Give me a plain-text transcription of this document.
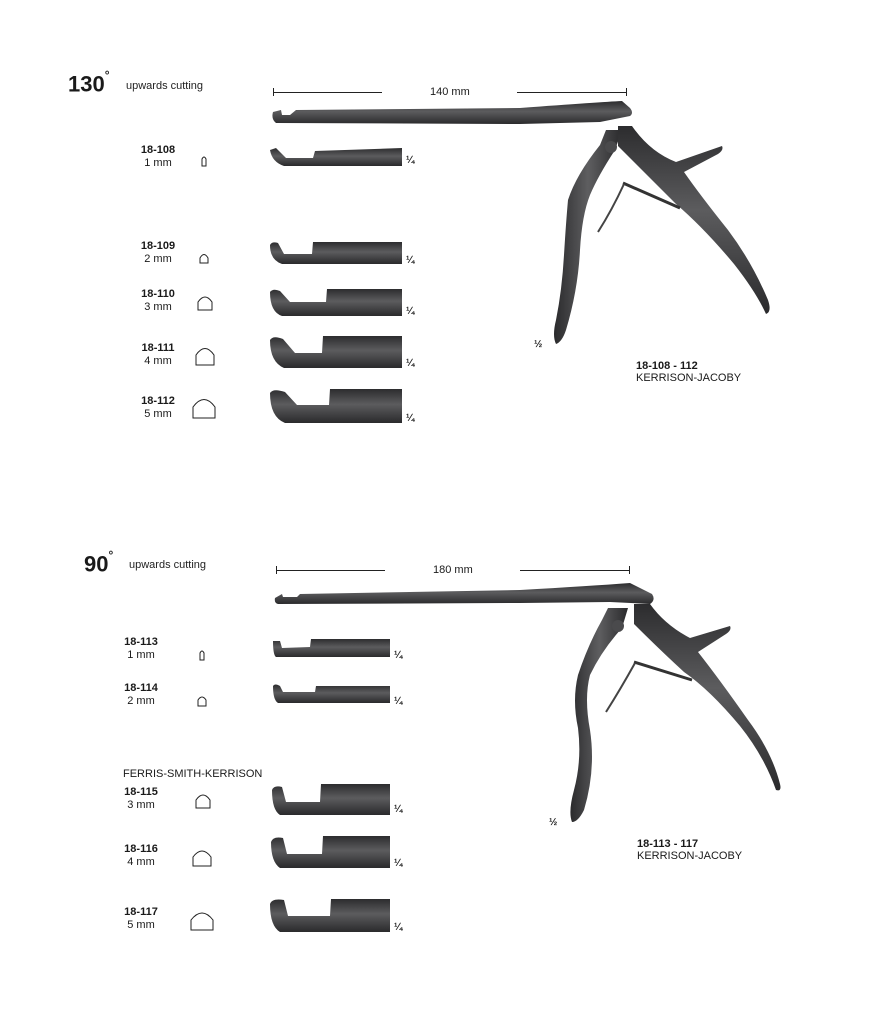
130°
upwards cutting	140 mm
½
18-108 - 112
KERRISON-JACOBY
18-108
1 mm
18-109
2 mm
18-110
3 mm
18-111
4 mm
18-112
5 mm
¼
¼
¼
¼
¼
90°
upwards cutting	180 mm
½
18-113 - 117
KERRISON-JACOBY
FERRIS-SMITH-KERRISON
18-113
1 mm
18-114
2 mm
18-115
3 mm
18-116
4 mm
18-117
5 mm
¼
¼
¼
¼
¼
